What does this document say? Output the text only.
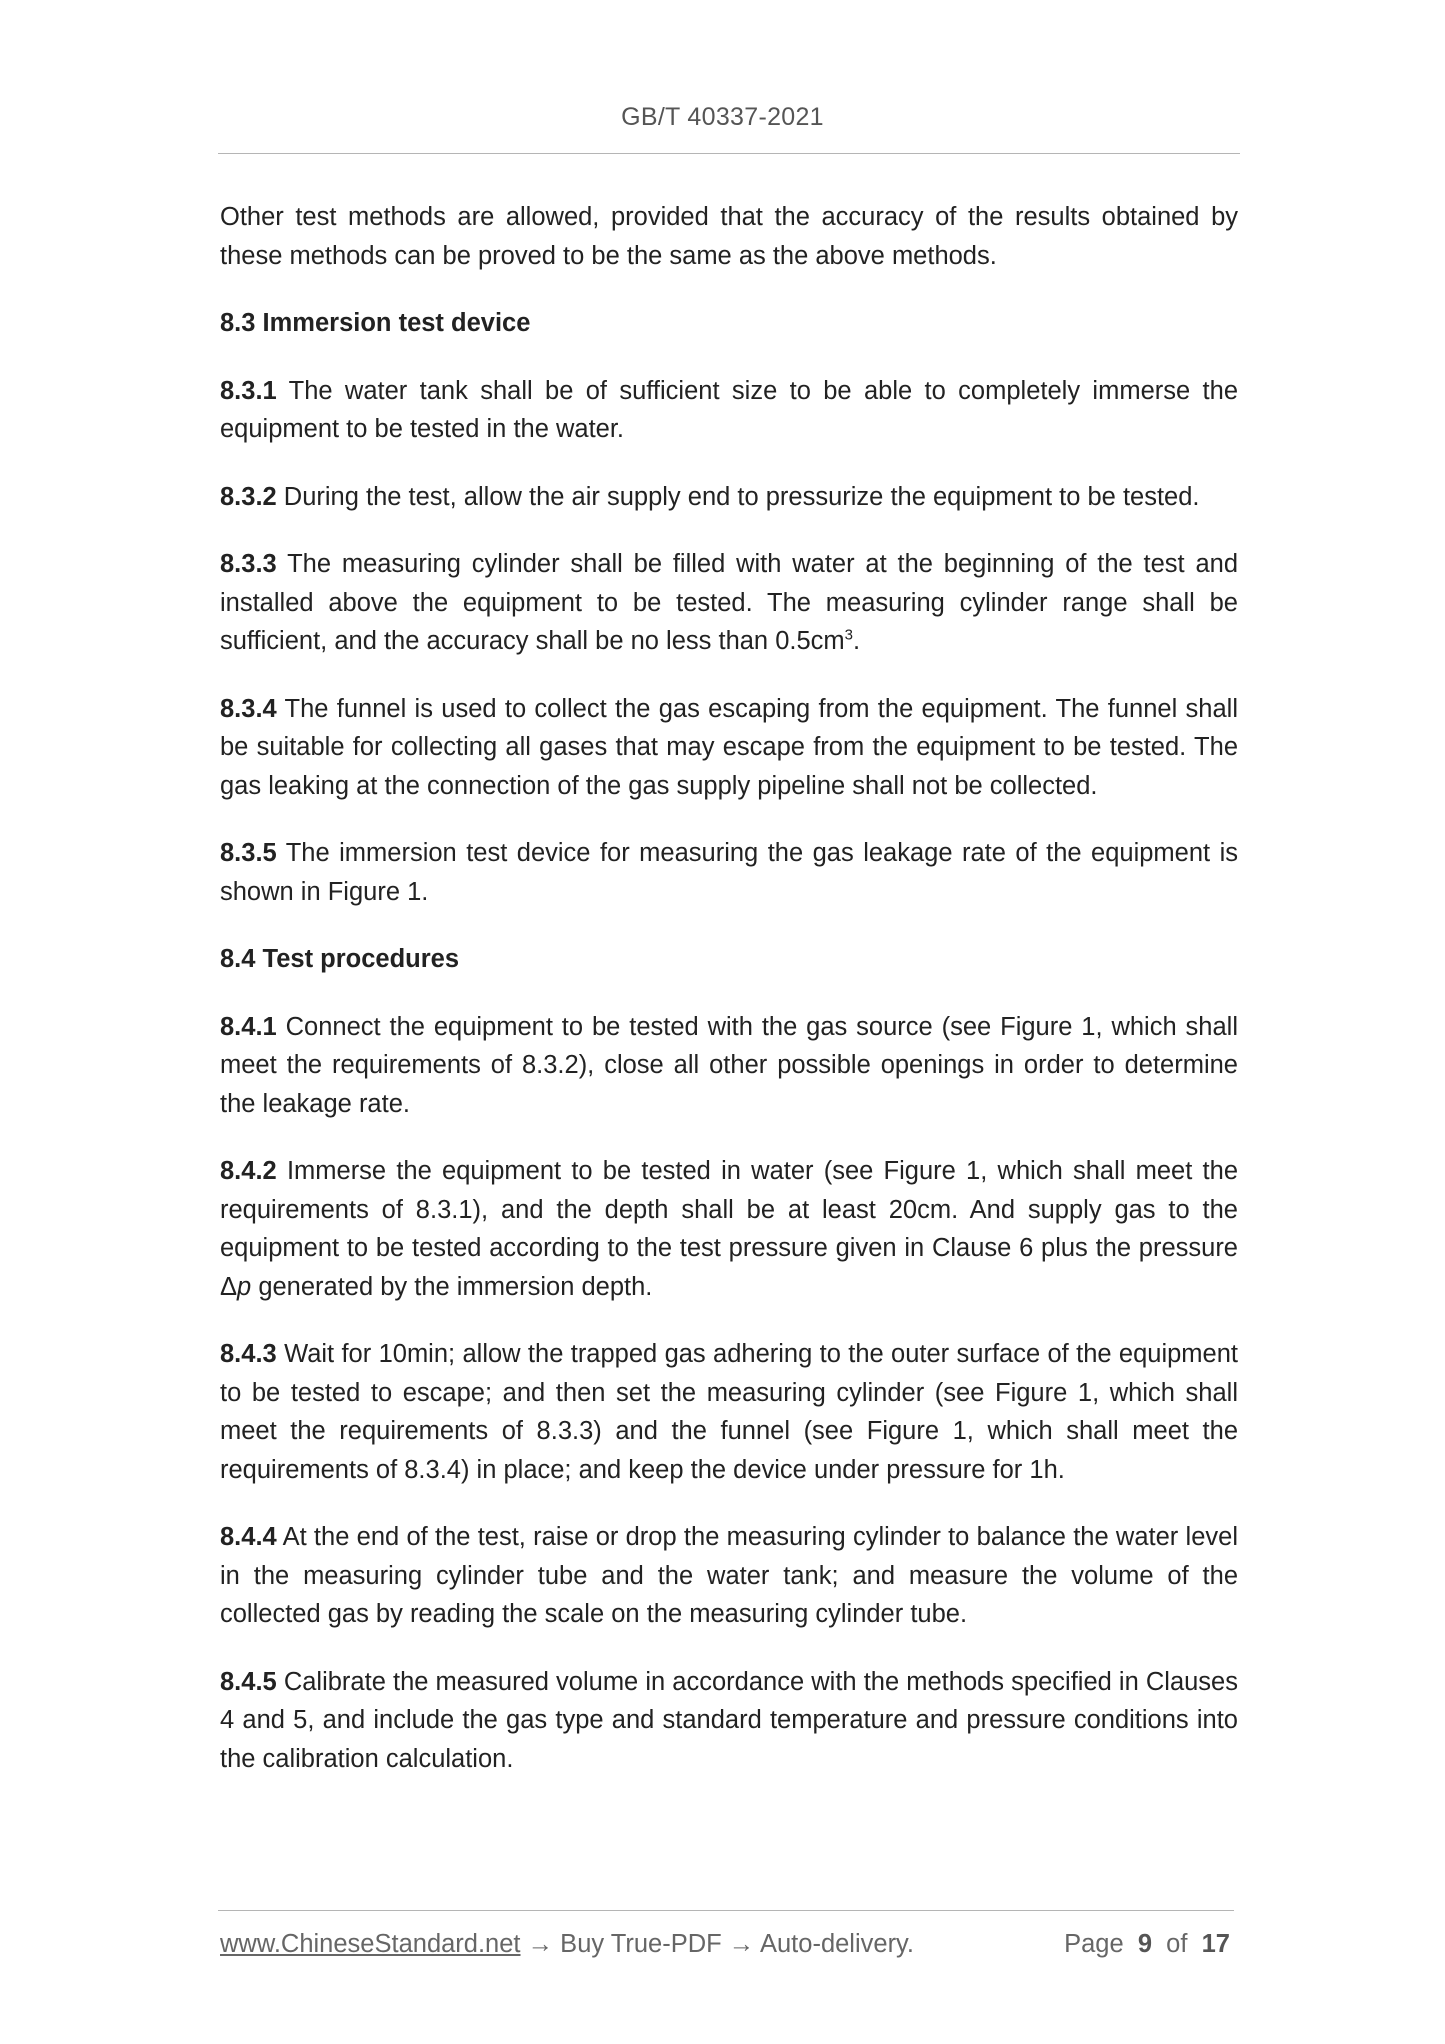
GB/T 40337-2021

Other test methods are allowed, provided that the accuracy of the results obtained by these methods can be proved to be the same as the above methods.

8.3 Immersion test device

8.3.1 The water tank shall be of sufficient size to be able to completely immerse the equipment to be tested in the water.

8.3.2 During the test, allow the air supply end to pressurize the equipment to be tested.

8.3.3 The measuring cylinder shall be filled with water at the beginning of the test and installed above the equipment to be tested. The measuring cylinder range shall be sufficient, and the accuracy shall be no less than $0.5cm^3$.

8.3.4 The funnel is used to collect the gas escaping from the equipment. The funnel shall be suitable for collecting all gases that may escape from the equipment to be tested. The gas leaking at the connection of the gas supply pipeline shall not be collected.

8.3.5 The immersion test device for measuring the gas leakage rate of the equipment is shown in Figure 1.

8.4 Test procedures

8.4.1 Connect the equipment to be tested with the gas source (see Figure 1, which shall meet the requirements of 8.3.2), close all other possible openings in order to determine the leakage rate.

8.4.2 Immerse the equipment to be tested in water (see Figure 1, which shall meet the requirements of 8.3.1), and the depth shall be at least 20cm. And supply gas to the equipment to be tested according to the test pressure given in Clause 6 plus the pressure Δp generated by the immersion depth.

8.4.3 Wait for 10min; allow the trapped gas adhering to the outer surface of the equipment to be tested to escape; and then set the measuring cylinder (see Figure 1, which shall meet the requirements of 8.3.3) and the funnel (see Figure 1, which shall meet the requirements of 8.3.4) in place; and keep the device under pressure for 1h.

8.4.4 At the end of the test, raise or drop the measuring cylinder to balance the water level in the measuring cylinder tube and the water tank; and measure the volume of the collected gas by reading the scale on the measuring cylinder tube.

8.4.5 Calibrate the measured volume in accordance with the methods specified in Clauses 4 and 5, and include the gas type and standard temperature and pressure conditions into the calibration calculation.

www.ChineseStandard.net → Buy True-PDF → Auto-delivery.	Page 9 of 17
